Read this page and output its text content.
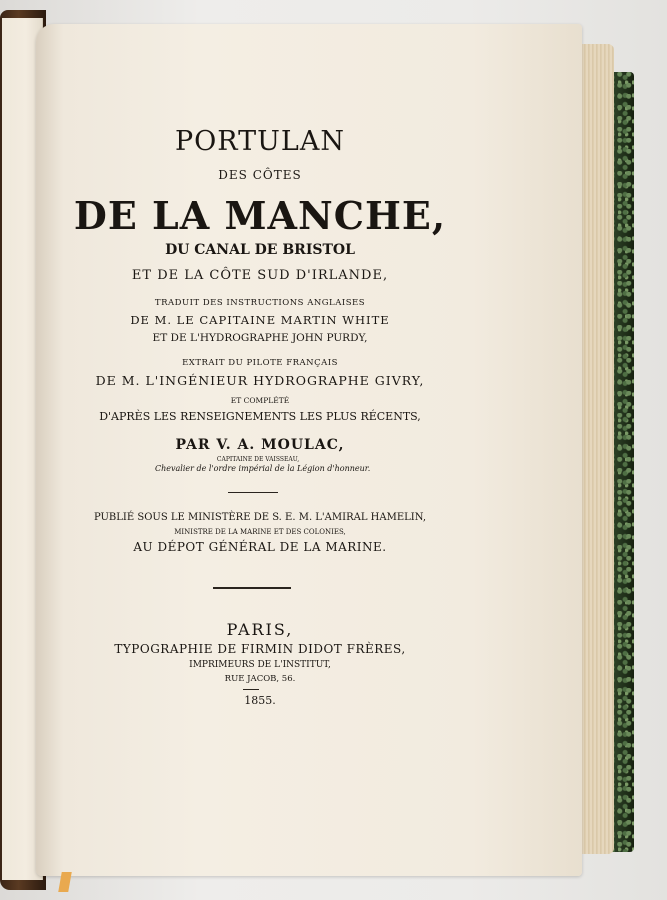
PORTULAN
DES CÔTES
DE LA MANCHE,
DU CANAL DE BRISTOL
ET DE LA CÔTE SUD D'IRLANDE,
TRADUIT DES INSTRUCTIONS ANGLAISES
DE M. LE CAPITAINE MARTIN WHITE
ET DE L'HYDROGRAPHE JOHN PURDY,
EXTRAIT DU PILOTE FRANÇAIS
DE M. L'INGÉNIEUR HYDROGRAPHE GIVRY,
ET COMPLÉTÉ
D'APRÈS LES RENSEIGNEMENTS LES PLUS RÉCENTS,
PAR V. A. MOULAC,
CAPITAINE DE VAISSEAU,
Chevalier de l'ordre impérial de la Légion d'honneur.
PUBLIÉ SOUS LE MINISTÈRE DE S. E. M. L'AMIRAL HAMELIN,
MINISTRE DE LA MARINE ET DES COLONIES,
AU DÉPOT GÉNÉRAL DE LA MARINE.
PARIS,
TYPOGRAPHIE DE FIRMIN DIDOT FRÈRES,
IMPRIMEURS DE L'INSTITUT,
RUE JACOB, 56.
1855.
